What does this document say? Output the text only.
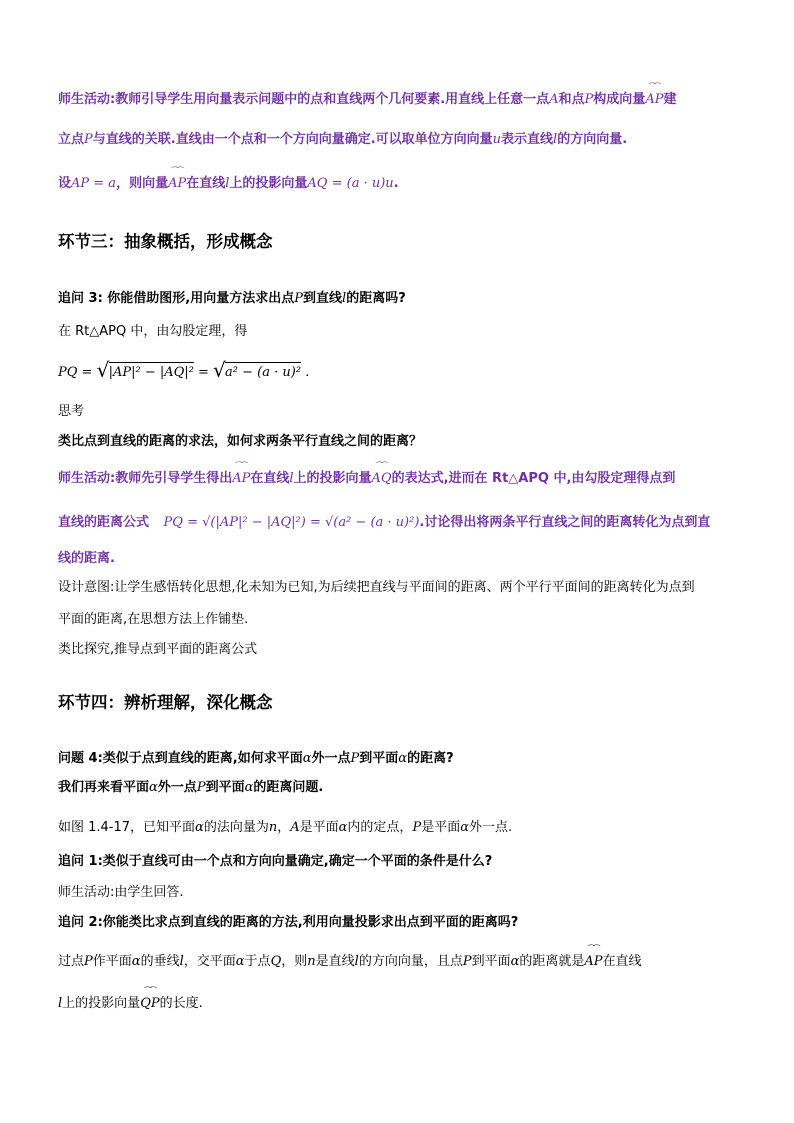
师生活动:教师引导学生用向量表示问题中的点和直线两个几何要素.用直线上任意一点A和点P构成向量⁀⁀ AP建
立点P与直线的关联.直线由一个点和一个方向向量确定.可以取单位方向向量u表示直线l的方向向量.
设AP = a，则向量⁀⁀ AP在直线l上的投影向量AQ = (a · u)u.
环节三：抽象概括，形成概念
追问 3: 你能借助图形,用向量方法求出点P到直线l的距离吗?
在 Rt△APQ 中，由勾股定理，得
PQ = √ |AP|² − |AQ|² = √ a² − (a · u)² .
思考
类比点到直线的距离的求法，如何求两条平行直线之间的距离？
师生活动:教师先引导学生得出⁀⁀ AP在直线l上的投影向量⁀⁀ AQ的表达式,进而在 Rt△APQ 中,由勾股定理得点到
直线的距离公式 PQ = √(|AP|² − |AQ|²) = √(a² − (a · u)²).讨论得出将两条平行直线之间的距离转化为点到直
线的距离.
设计意图:让学生感悟转化思想,化未知为已知,为后续把直线与平面间的距离、两个平行平面间的距离转化为点到
平面的距离,在思想方法上作铺垫.
类比探究,推导点到平面的距离公式
环节四：辨析理解，深化概念
问题 4:类似于点到直线的距离,如何求平面α外一点P到平面α的距离?
我们再来看平面α外一点P到平面α的距离问题.
如图 1.4-17，已知平面α的法向量为n，A是平面α内的定点，P是平面α外一点.
追问 1:类似于直线可由一个点和方向向量确定,确定一个平面的条件是什么?
师生活动:由学生回答.
追问 2:你能类比求点到直线的距离的方法,利用向量投影求出点到平面的距离吗?
过点P作平面α的垂线l，交平面α于点Q，则n是直线l的方向向量，且点P到平面α的距离就是⁀⁀ AP在直线
l上的投影向量⁀⁀ QP的长度.
